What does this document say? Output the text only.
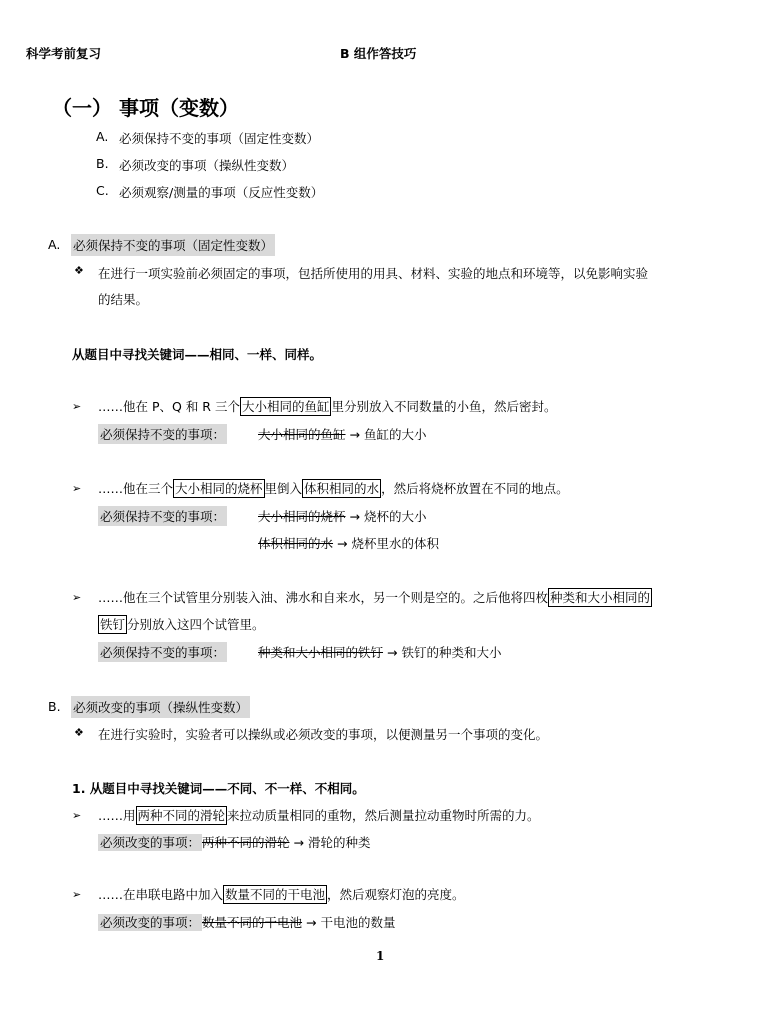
科学考前复习	B 组作答技巧
（一） 事项（变数）
A. 必须保持不变的事项（固定性变数）
B. 必须改变的事项（操纵性变数）
C. 必须观察/测量的事项（反应性变数）
A. 必须保持不变的事项（固定性变数）
❖ 在进行一项实验前必须固定的事项，包括所使用的用具、材料、实验的地点和环境等，以免影响实验
的结果。
从题目中寻找关键词——相同、一样、同样。
➢ ……他在 P、Q 和 R 三个 大小相同的鱼缸 里分别放入不同数量的小鱼，然后密封。
必须保持不变的事项：	大小相同的鱼缸 → 鱼缸的大小
➢ ……他在三个 大小相同的烧杯 里倒入 体积相同的水 ，然后将烧杯放置在不同的地点。
必须保持不变的事项：	大小相同的烧杯 → 烧杯的大小
体积相同的水 → 烧杯里水的体积
➢ ……他在三个试管里分别装入油、沸水和自来水，另一个则是空的。之后他将四枚 种类和大小相同的
铁钉 分别放入这四个试管里。
必须保持不变的事项：	种类和大小相同的铁钉 → 铁钉的种类和大小
B. 必须改变的事项（操纵性变数）
❖ 在进行实验时，实验者可以操纵或必须改变的事项，以便测量另一个事项的变化。
1. 从题目中寻找关键词——不同、不一样、不相同。
➢ ……用 两种不同的滑轮 来拉动质量相同的重物，然后测量拉动重物时所需的力。
必须改变的事项： 两种不同的滑轮 → 滑轮的种类
➢ ……在串联电路中加入 数量不同的干电池 ，然后观察灯泡的亮度。
必须改变的事项： 数量不同的干电池 → 干电池的数量
1
